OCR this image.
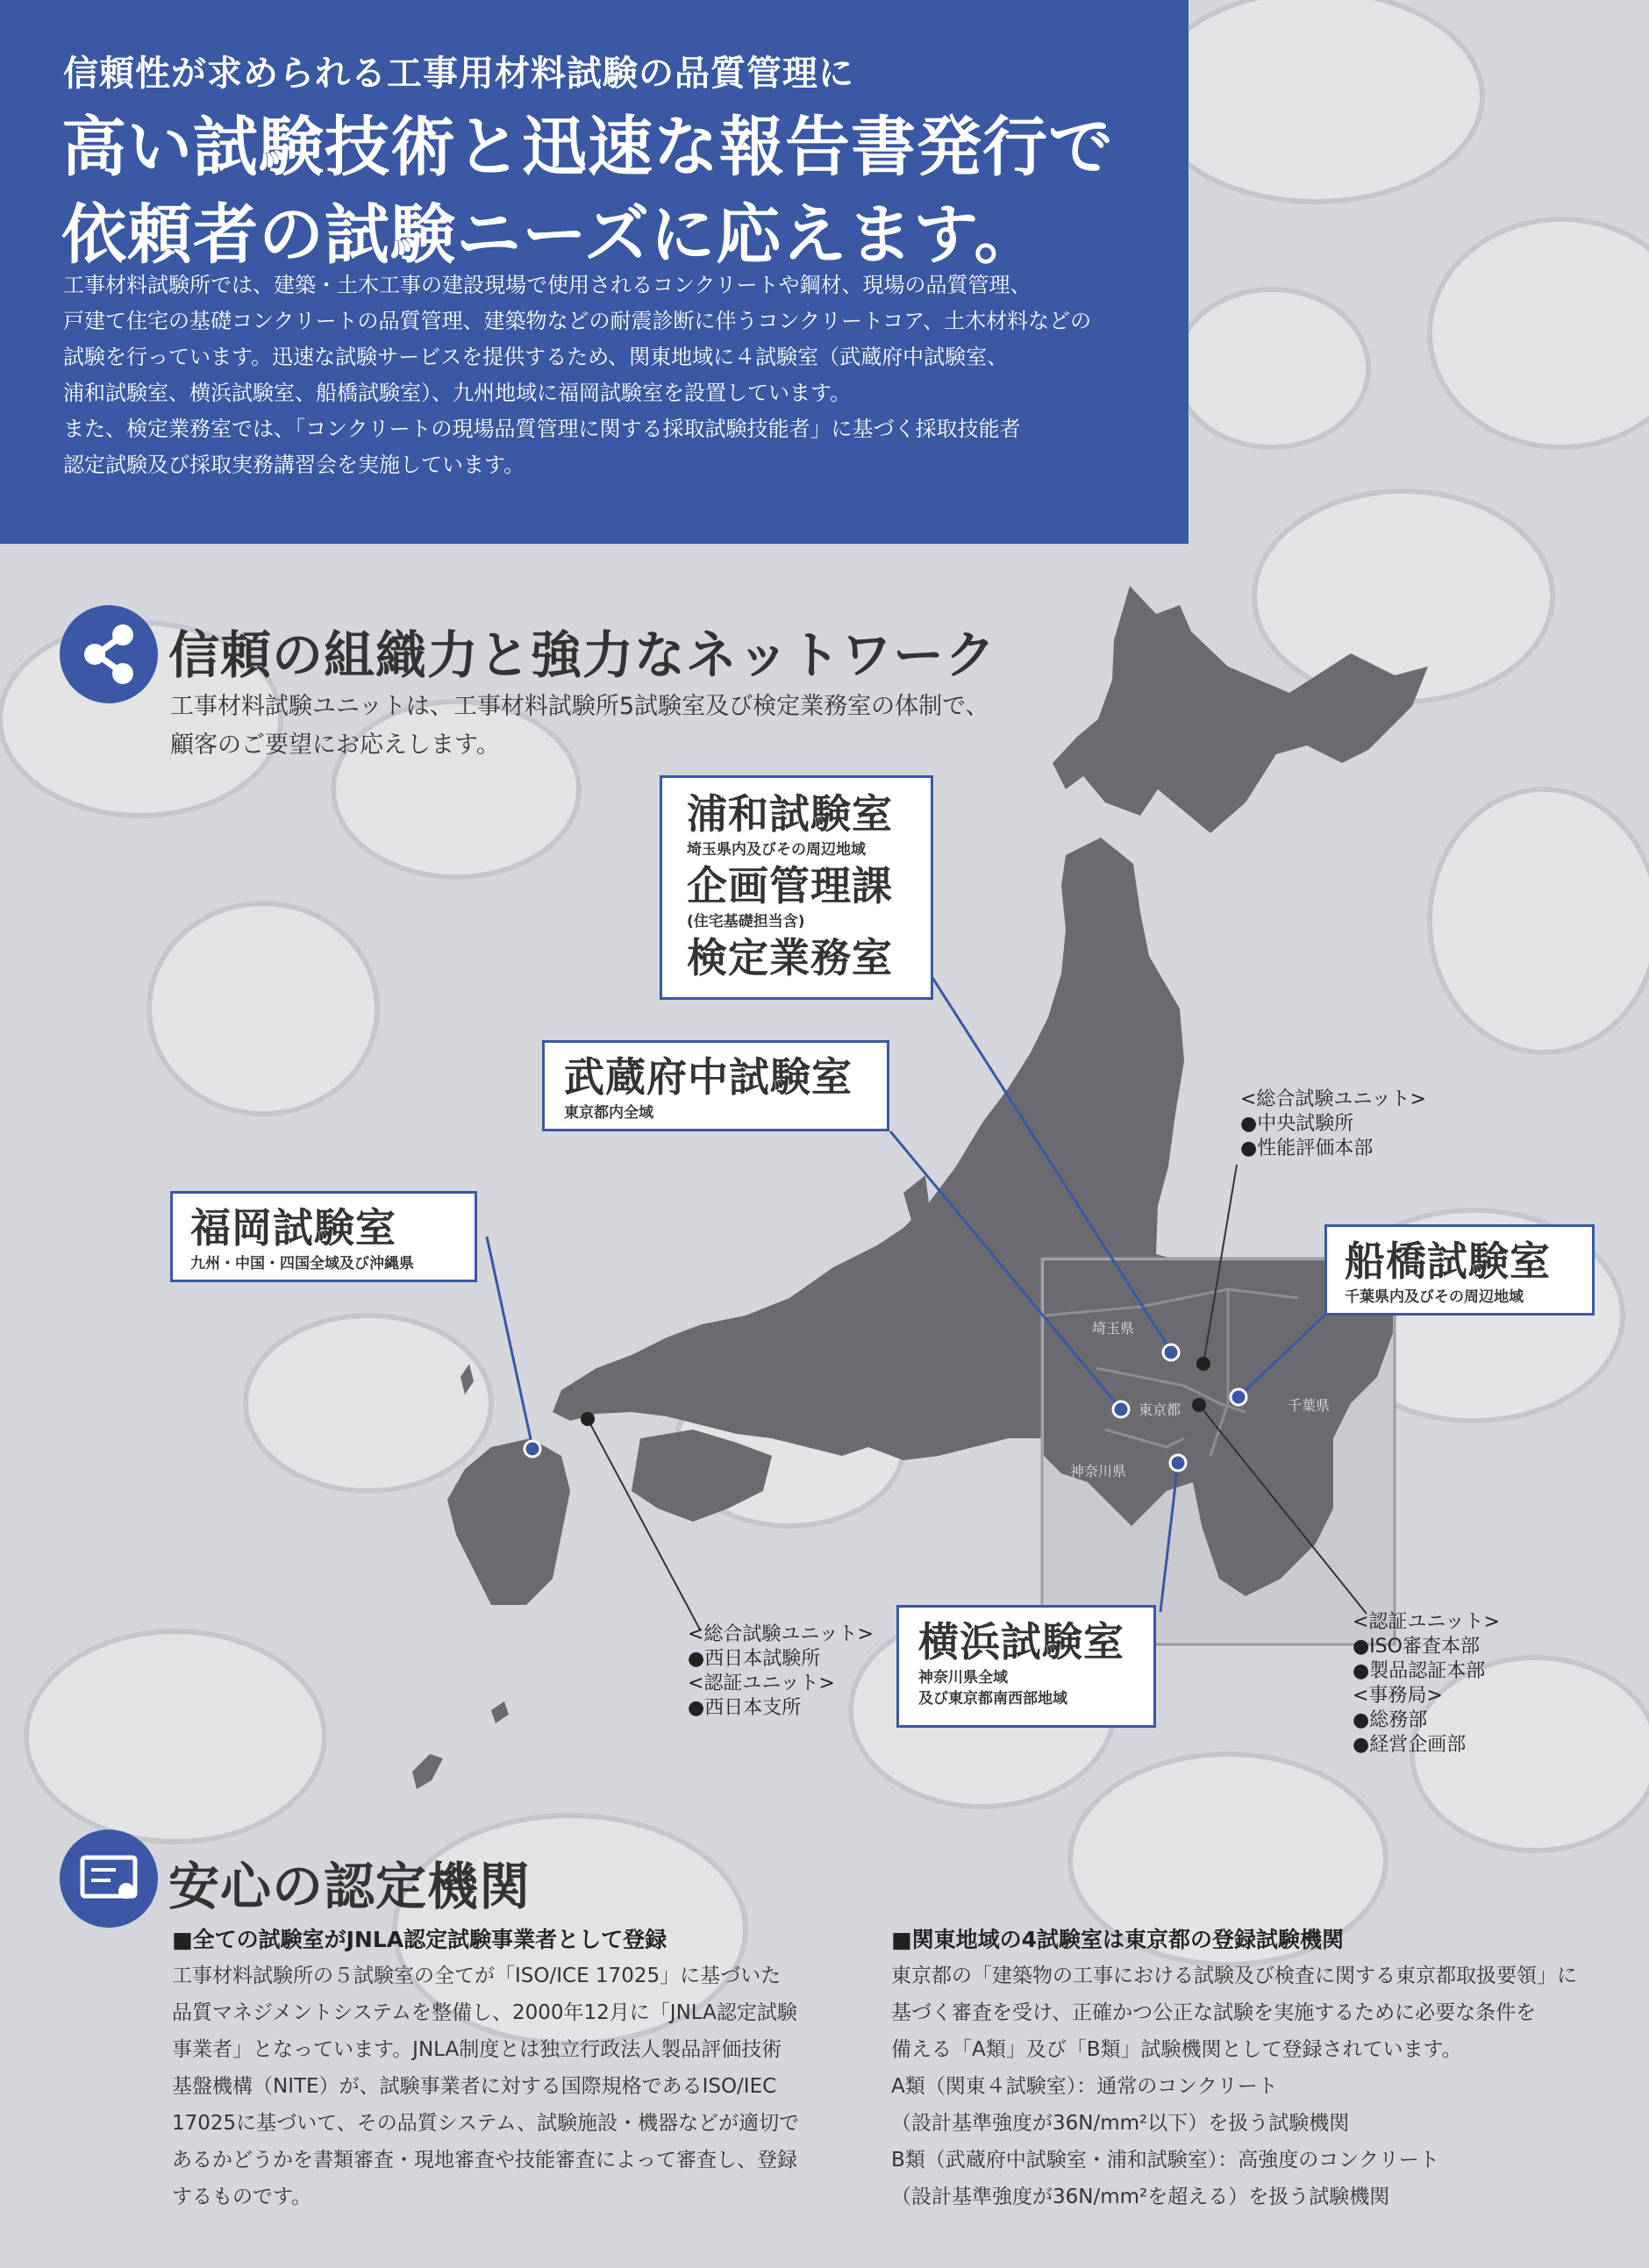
信頼性が求められる工事用材料試験の品質管理に
高い試験技術と迅速な報告書発行で
依頼者の試験ニーズに応えます。
工事材料試験所では、建築・土木工事の建設現場で使用されるコンクリートや鋼材、現場の品質管理、
戸建て住宅の基礎コンクリートの品質管理、建築物などの耐震診断に伴うコンクリートコア、土木材料などの
試験を行っています。迅速な試験サービスを提供するため、関東地域に４試験室（武蔵府中試験室、
浦和試験室、横浜試験室、船橋試験室）、九州地域に福岡試験室を設置しています。
また、検定業務室では、「コンクリートの現場品質管理に関する採取試験技能者」に基づく採取技能者
認定試験及び採取実務講習会を実施しています。
埼玉県
東京都	千葉県
神奈川県
信頼の組織力と強力なネットワーク
工事材料試験ユニットは、工事材料試験所5試験室及び検定業務室の体制で、
顧客のご要望にお応えします。
浦和試験室
埼玉県内及びその周辺地域
企画管理課
(住宅基礎担当含)
検定業務室
武蔵府中試験室
東京都内全域
福岡試験室
九州・中国・四国全域及び沖縄県	船橋試験室
千葉県内及びその周辺地域
横浜試験室
神奈川県全域
及び東京都南西部地域
<総合試験ユニット>
●中央試験所
●性能評価本部
<総合試験ユニット>
●西日本試験所
<認証ユニット>
●西日本支所
<認証ユニット>
●ISO審査本部
●製品認証本部
<事務局>
●総務部
●経営企画部
安心の認定機関
■全ての試験室がJNLA認定試験事業者として登録
工事材料試験所の５試験室の全てが「ISO/ICE 17025」に基づいた
品質マネジメントシステムを整備し、2000年12月に「JNLA認定試験
事業者」となっています。JNLA制度とは独立行政法人製品評価技術
基盤機構（NITE）が、試験事業者に対する国際規格であるISO/IEC
17025に基づいて、その品質システム、試験施設・機器などが適切で
あるかどうかを書類審査・現地審査や技能審査によって審査し、登録
するものです。
■関東地域の4試験室は東京都の登録試験機関
東京都の「建築物の工事における試験及び検査に関する東京都取扱要領」に
基づく審査を受け、正確かつ公正な試験を実施するために必要な条件を
備える「A類」及び「B類」試験機関として登録されています。
A類（関東４試験室）：通常のコンクリート
（設計基準強度が36N/mm²以下）を扱う試験機関
B類（武蔵府中試験室・浦和試験室）：高強度のコンクリート
（設計基準強度が36N/mm²を超える）を扱う試験機関
